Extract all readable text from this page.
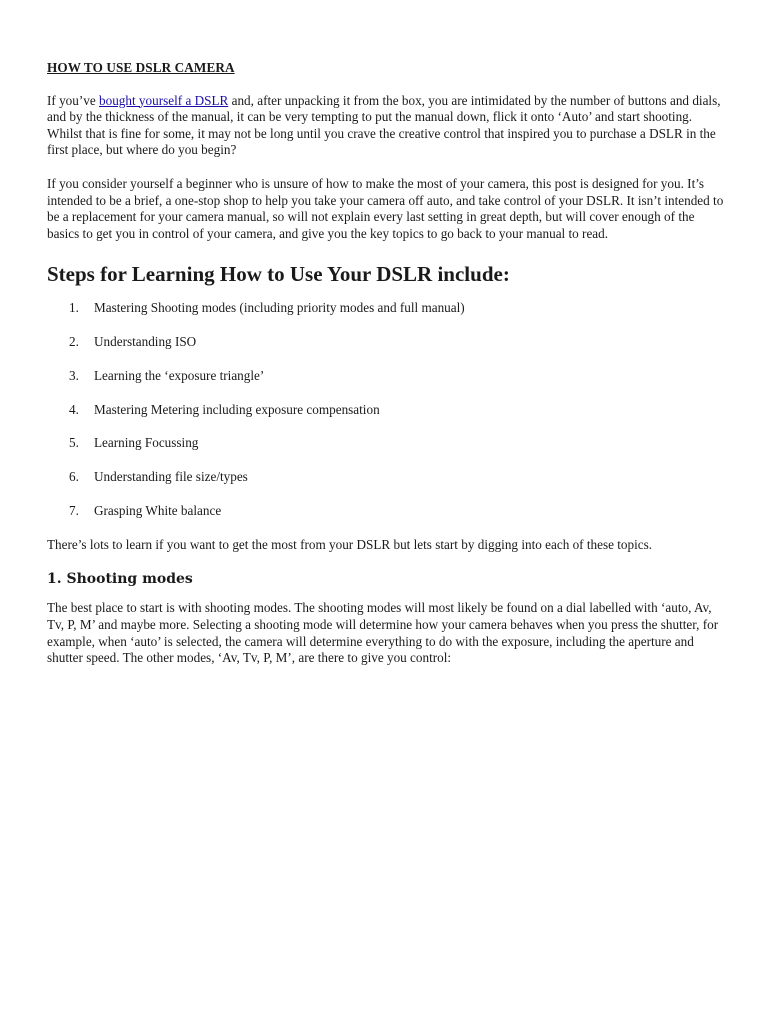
HOW TO USE DSLR CAMERA

If you’ve bought yourself a DSLR and, after unpacking it from the box, you are intimidated by the number of buttons and dials, and by the thickness of the manual, it can be very tempting to put the manual down, flick it onto ‘Auto’ and start shooting. Whilst that is fine for some, it may not be long until you crave the creative control that inspired you to purchase a DSLR in the first place, but where do you begin?

If you consider yourself a beginner who is unsure of how to make the most of your camera, this post is designed for you. It’s intended to be a brief, a one-stop shop to help you take your camera off auto, and take control of your DSLR. It isn’t intended to be a replacement for your camera manual, so will not explain every last setting in great depth, but will cover enough of the basics to get you in control of your camera, and give you the key topics to go back to your manual to read.

Steps for Learning How to Use Your DSLR include:
1. Mastering Shooting modes (including priority modes and full manual)
2. Understanding ISO
3. Learning the ‘exposure triangle’
4. Mastering Metering including exposure compensation
5. Learning Focussing
6. Understanding file size/types
7. Grasping White balance

There’s lots to learn if you want to get the most from your DSLR but lets start by digging into each of these topics.

1. Shooting modes

The best place to start is with shooting modes. The shooting modes will most likely be found on a dial labelled with ‘auto, Av, Tv, P, M’ and maybe more. Selecting a shooting mode will determine how your camera behaves when you press the shutter, for example, when ‘auto’ is selected, the camera will determine everything to do with the exposure, including the aperture and shutter speed. The other modes, ‘Av, Tv, P, M’, are there to give you control:
